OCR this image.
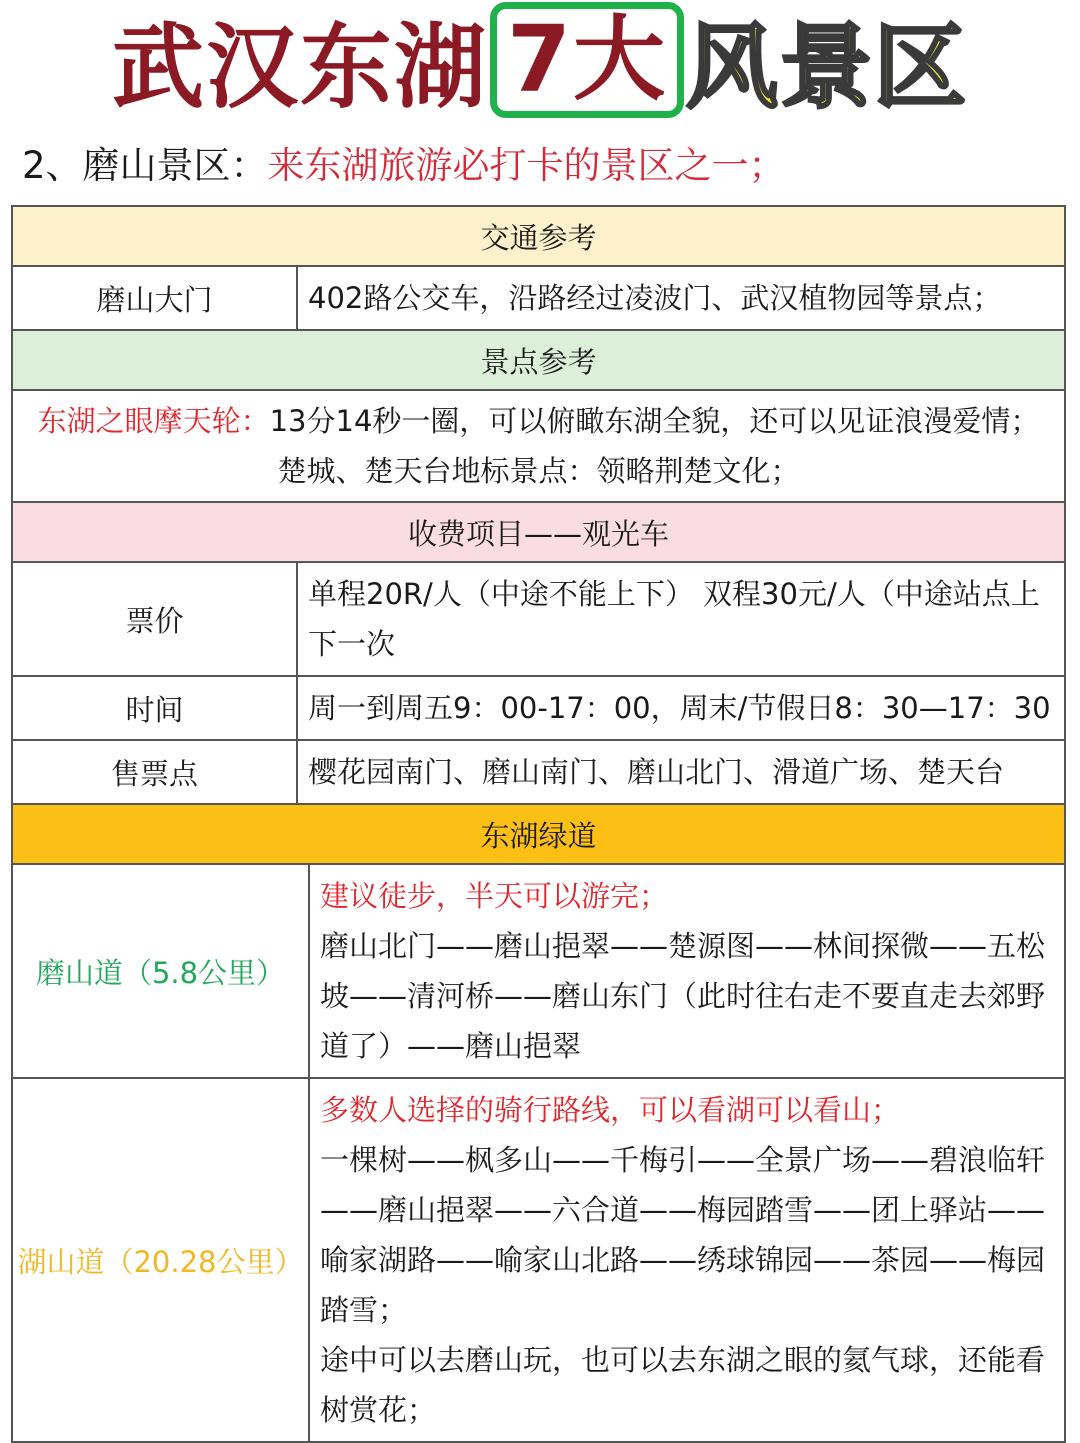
武汉东湖 7大 风景区
2、磨山景区：来东湖旅游必打卡的景区之一；
交通参考		
磨山大门	402路公交车，沿路经过凌波门、武汉植物园等景点；	
景点参考		

东湖之眼摩天轮：13分14秒一圈，可以俯瞰东湖全貌，还可以见证浪漫爱情；
楚城、楚天台地标景点：领略荆楚文化；		

收费项目——观光车		
票价	单程20R/人（中途不能上下） 双程30元/人（中途站点上下一次	
时间	周一到周五9：00-17：00，周末/节假日8：30—17：30	
售票点	樱花园南门、磨山南门、磨山北门、滑道广场、楚天台	
东湖绿道		
磨山道（5.8公里）		建议徒步，半天可以游完；
磨山北门——磨山挹翠——楚源图——林间探微——五松坡——清河桥——磨山东门（此时往右走不要直走去郊野道了）——磨山挹翠

湖山道（20.28公里）		多数人选择的骑行路线，可以看湖可以看山；
一棵树——枫多山——千梅引——全景广场——碧浪临轩——磨山挹翠——六合道——梅园踏雪——团上驿站——喻家湖路——喻家山北路——绣球锦园——茶园——梅园踏雪；
途中可以去磨山玩，也可以去东湖之眼的氦气球，还能看树赏花；
